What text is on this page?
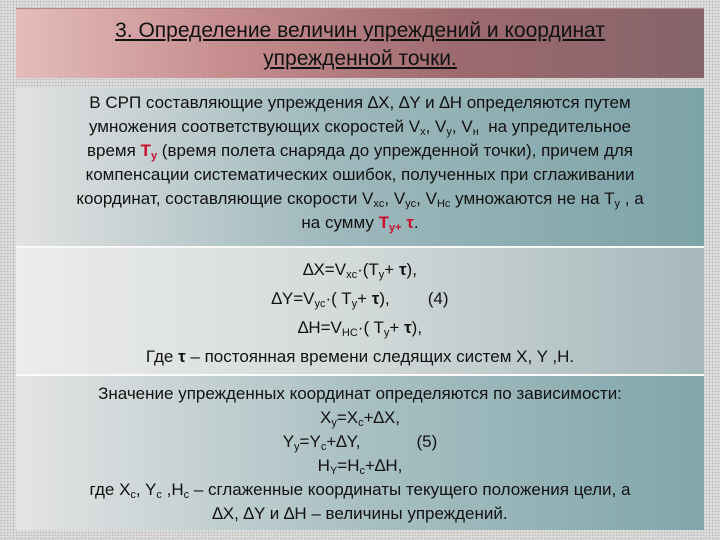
3. Определение величин упреждений и координат
упрежденной точки.
В СРП составляющие упреждения ∆X, ∆Y и ∆H определяются путем
умножения соответствующих скоростей $V_x$, $V_y$, $V_н$  на упредительное
время $T_у$ (время полета снаряда до упрежденной точки), причем для
компенсации систематических ошибок, полученных при сглаживании
координат, составляющие скорости $V_{xc}$, $V_{yc}$, $V_{Hc}$ умножаются не на $T_y$ , а
на сумму $T_{у+}$ τ.
$\Delta X=V_{xc}\cdot(T_y+ \tau)$,
$\Delta Y=V_{yc}\cdot$( $T_y+ \tau$), (4)
$\Delta H=V_{HC}\cdot$( $T_y+ \tau$),
Где τ – постоянная времени следящих систем X, Y ,H.
Значение упрежденных координат определяются по зависимости:
$X_y=X_c+\Delta X$,
$Y_y=Y_c+\Delta Y$,	(5)
$H_Y=H_c+\Delta H$,
где $X_c$, $Y_c$ $,H_c$ – сглаженные координаты текущего положения цели, а
∆X, ∆Y и ∆H – величины упреждений.
